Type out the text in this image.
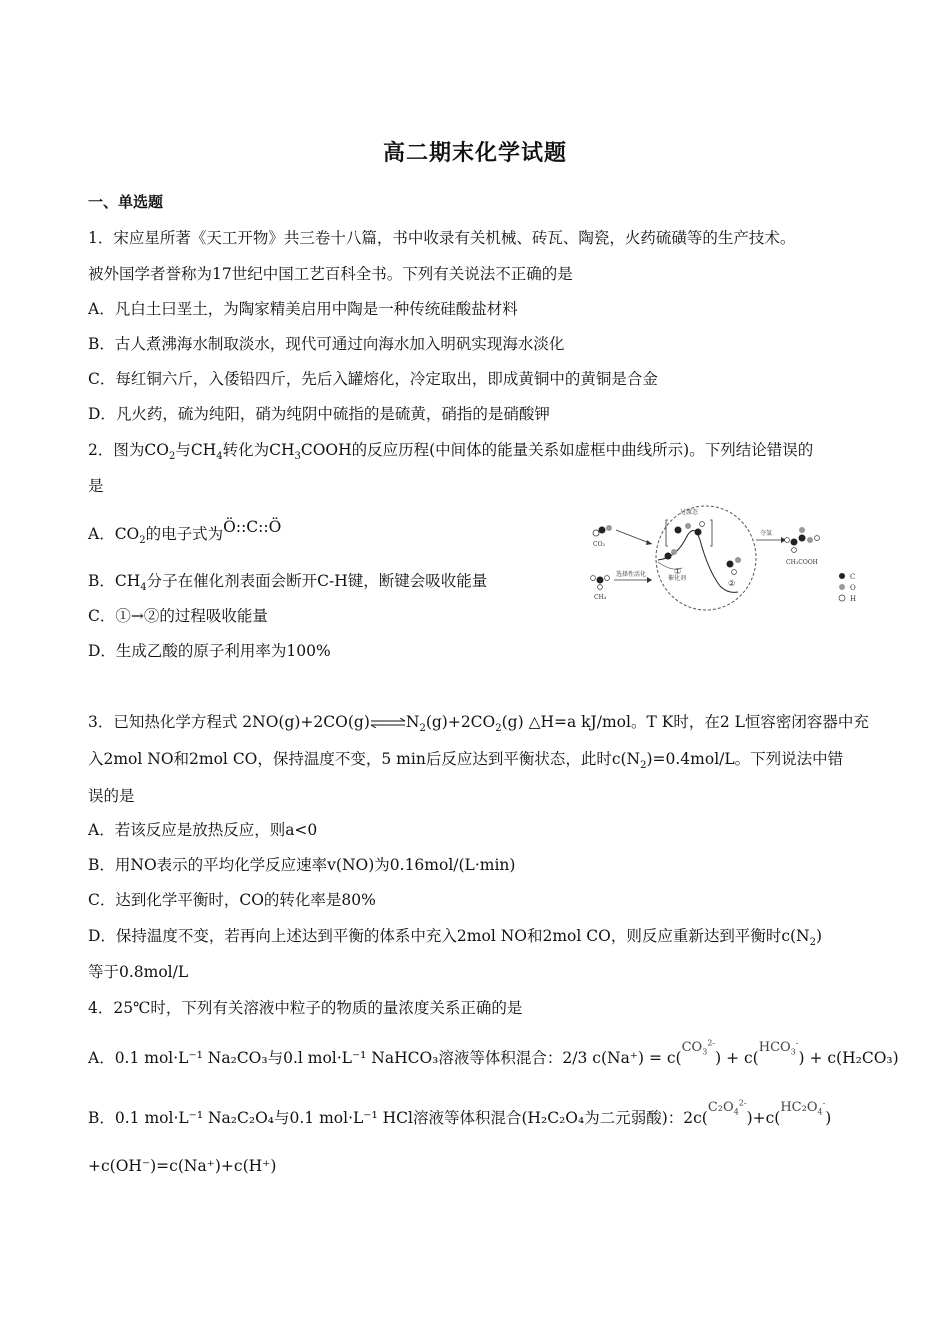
高二期末化学试题
一、单选题
1．宋应星所著《天工开物》共三卷十八篇，书中收录有关机械、砖瓦、陶瓷，火药硫磺等的生产技术。
被外国学者誉称为17世纪中国工艺百科全书。下列有关说法不正确的是
A．凡白土曰垩土，为陶家精美启用中陶是一种传统硅酸盐材料
B．古人煮沸海水制取淡水，现代可通过向海水加入明矾实现海水淡化
C．每红铜六斤，入倭铅四斤，先后入罐熔化，冷定取出，即成黄铜中的黄铜是合金
D．凡火药，硫为纯阳，硝为纯阴中硫指的是硫黄，硝指的是硝酸钾
2．图为$CO_2$与$CH_4$转化为$CH_3COOH$的反应历程(中间体的能量关系如虚框中曲线所示)。下列结论错误的
是
A．$CO_2$的电子式为Ö::C::Ö
B．$CH_4$分子在催化剂表面会断开C-H键，断键会吸收能量
C．①→②的过程吸收能量
D．生成乙酸的原子利用率为100%
CO₂
CH₄
选择性活化
夺氢
过渡态
催化剂
①
②
CH₃COOH
C
O
H
3．已知热化学方程式 $2NO(g)+2CO(g)\rightleftharpoons N_2(g)+2CO_2(g)$ △H=a kJ/mol。T K时，在2 L恒容密闭容器中充
入2mol NO和2mol CO，保持温度不变，5 min后反应达到平衡状态，此时$c(N_2)=0.4mol/L$。下列说法中错
误的是
A．若该反应是放热反应，则a<0
B．用NO表示的平均化学反应速率v(NO)为0.16mol/(L·min)
C．达到化学平衡时，CO的转化率是80%
D．保持温度不变，若再向上述达到平衡的体系中充入2mol NO和2mol CO，则反应重新达到平衡时$c(N_2)$
等于0.8mol/L
4．25℃时，下列有关溶液中粒子的物质的量浓度关系正确的是
A．0.1 mol·L⁻¹ Na₂CO₃与0.l mol·L⁻¹ NaHCO₃溶液等体积混合：2/3 $c(Na^+) = c(CO_3^{2-}) + c(HCO_3^-) + c(H_2CO_3)$
B．0.1 mol·L⁻¹ Na₂C₂O₄与0.1 mol·L⁻¹ HCl溶液等体积混合(H₂C₂O₄为二元弱酸)：$2c(C_2O_4^{2-})+c(HC_2O_4^-)$
+c(OH⁻)=c(Na⁺)+c(H⁺)
